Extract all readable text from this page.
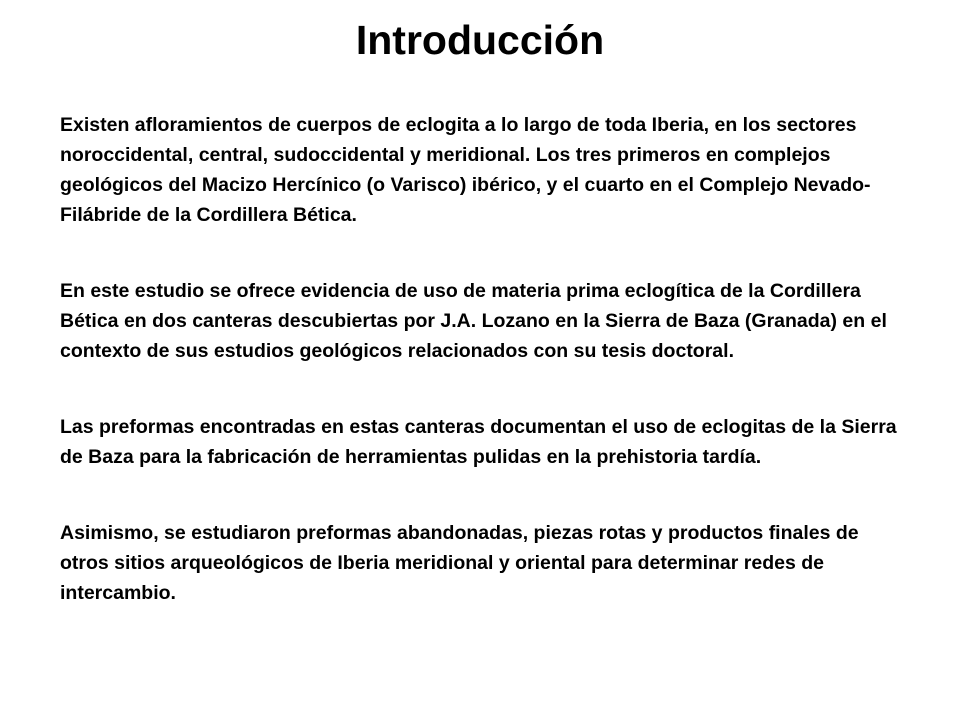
Introducción

Existen afloramientos de cuerpos de eclogita a lo largo de toda Iberia, en los sectores noroccidental, central, sudoccidental y meridional. Los tres primeros en complejos geológicos del Macizo Hercínico (o Varisco) ibérico, y el cuarto en el Complejo Nevado-Filábride de la Cordillera Bética.

En este estudio se ofrece evidencia de uso de materia prima eclogítica de la Cordillera Bética en dos canteras descubiertas por J.A. Lozano en la Sierra de Baza (Granada) en el contexto de sus estudios geológicos relacionados con su tesis doctoral.

Las preformas encontradas en estas canteras documentan el uso de eclogitas de la Sierra de Baza para la fabricación de herramientas pulidas en la prehistoria tardía.

Asimismo, se estudiaron preformas abandonadas, piezas rotas y productos finales de otros sitios arqueológicos de Iberia meridional y oriental para determinar redes de intercambio.
